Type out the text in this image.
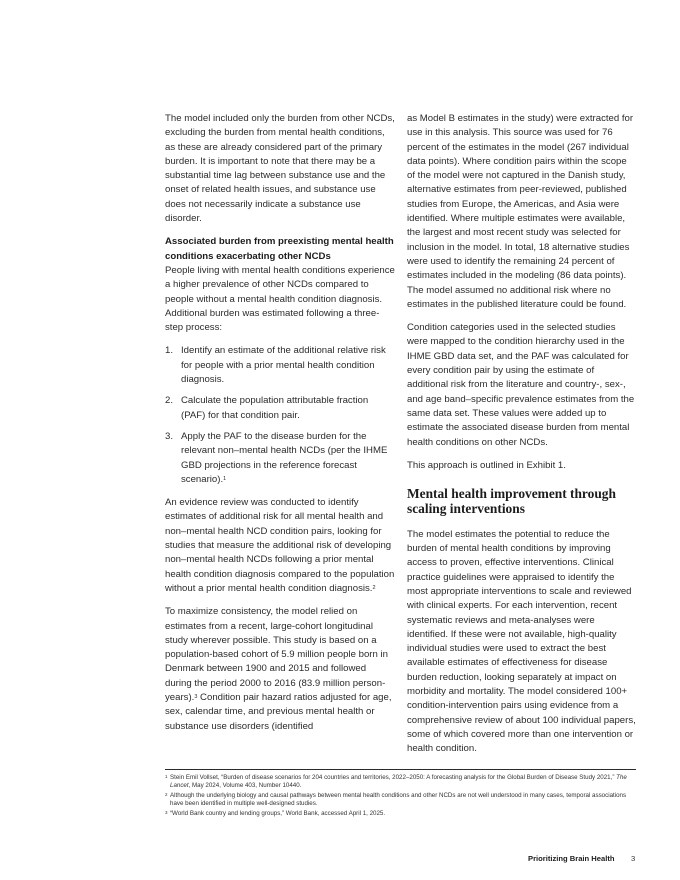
The model included only the burden from other NCDs, excluding the burden from mental health conditions, as these are already considered part of the primary burden. It is important to note that there may be a substantial time lag between substance use and the onset of related health issues, and substance use does not necessarily indicate a substance use disorder.

Associated burden from preexisting mental health conditions exacerbating other NCDs

People living with mental health conditions experience a higher prevalence of other NCDs compared to people without a mental health condition diagnosis. Additional burden was estimated following a three-step process:

1. Identify an estimate of the additional relative risk for people with a prior mental health condition diagnosis.
2. Calculate the population attributable fraction (PAF) for that condition pair.
3. Apply the PAF to the disease burden for the relevant non–mental health NCDs (per the IHME GBD projections in the reference forecast scenario).$^1$

An evidence review was conducted to identify estimates of additional risk for all mental health and non–mental health NCD condition pairs, looking for studies that measure the additional risk of developing non–mental health NCDs following a prior mental health condition diagnosis compared to the population without a prior mental health condition diagnosis.$^2$

To maximize consistency, the model relied on estimates from a recent, large-cohort longitudinal study wherever possible. This study is based on a population-based cohort of 5.9 million people born in Denmark between 1900 and 2015 and followed during the period 2000 to 2016 (83.9 million person-years).$^3$ Condition pair hazard ratios adjusted for age, sex, calendar time, and previous mental health or substance use disorders (identified

as Model B estimates in the study) were extracted for use in this analysis. This source was used for 76 percent of the estimates in the model (267 individual data points). Where condition pairs within the scope of the model were not captured in the Danish study, alternative estimates from peer-reviewed, published studies from Europe, the Americas, and Asia were identified. Where multiple estimates were available, the largest and most recent study was selected for inclusion in the model. In total, 18 alternative studies were used to identify the remaining 24 percent of estimates included in the modeling (86 data points). The model assumed no additional risk where no estimates in the published literature could be found.

Condition categories used in the selected studies were mapped to the condition hierarchy used in the IHME GBD data set, and the PAF was calculated for every condition pair by using the estimate of additional risk from the literature and country-, sex-, and age band–specific prevalence estimates from the same data set. These values were added up to estimate the associated disease burden from mental health conditions on other NCDs.

This approach is outlined in Exhibit 1.

Mental health improvement through scaling interventions

The model estimates the potential to reduce the burden of mental health conditions by improving access to proven, effective interventions. Clinical practice guidelines were appraised to identify the most appropriate interventions to scale and reviewed with clinical experts. For each intervention, recent systematic reviews and meta-analyses were identified. If these were not available, high-quality individual studies were used to extract the best available estimates of effectiveness for disease burden reduction, looking separately at impact on morbidity and mortality. The model considered 100+ condition-intervention pairs using evidence from a comprehensive review of about 100 individual papers, some of which covered more than one intervention or health condition.

1 Stein Emil Vollset, “Burden of disease scenarios for 204 countries and territories, 2022–2050: A forecasting analysis for the Global Burden of Disease Study 2021,” The Lancet, May 2024, Volume 403, Number 10440.

2 Although the underlying biology and causal pathways between mental health conditions and other NCDs are not well understood in many cases, temporal associations have been identified in multiple well-designed studies.

3 “World Bank country and lending groups,” World Bank, accessed April 1, 2025.

Prioritizing Brain Health 3
